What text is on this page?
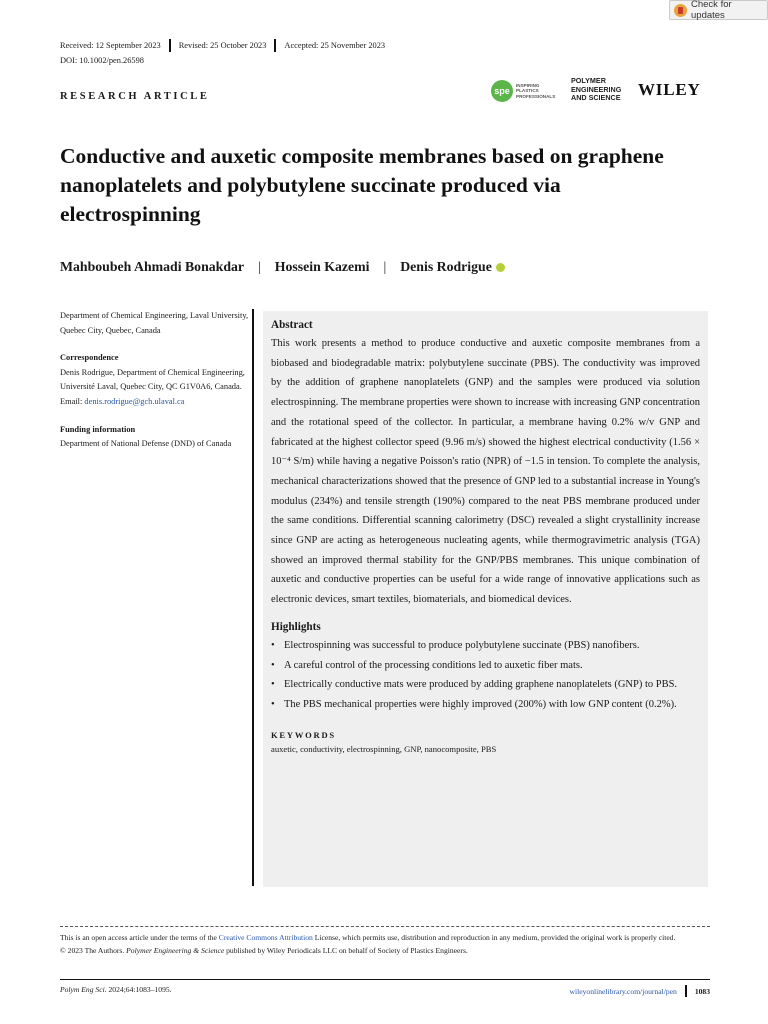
Check for updates
Received: 12 September 2023 Revised: 25 October 2023 Accepted: 25 November 2023
DOI: 10.1002/pen.26598
RESEARCH ARTICLE	spe
INSPIRING
PLASTICS
PROFESSIONALS
POLYMER
ENGINEERING
AND SCIENCE WILEY
Conductive and auxetic composite membranes based on graphene nanoplatelets and polybutylene succinate produced via electrospinning
Mahboubeh Ahmadi Bonakdar | Hossein Kazemi | Denis Rodrigue
Department of Chemical Engineering, Laval University, Quebec City, Quebec, Canada
Correspondence
Denis Rodrigue, Department of Chemical Engineering, Université Laval, Quebec City, QC G1V0A6, Canada.
Email: denis.rodrigue@gch.ulaval.ca
Funding information
Department of National Defense (DND) of Canada
Abstract
This work presents a method to produce conductive and auxetic composite membranes from a biobased and biodegradable matrix: polybutylene succinate (PBS). The conductivity was improved by the addition of graphene nanoplatelets (GNP) and the samples were produced via solution electrospinning. The membrane properties were shown to increase with increasing GNP concentration and the rotational speed of the collector. In particular, a membrane having 0.2% w/v GNP and fabricated at the highest collector speed (9.96 m/s) showed the highest electrical conductivity (1.56 × 10⁻⁴ S/m) while having a negative Poisson's ratio (NPR) of −1.5 in tension. To complete the analysis, mechanical characterizations showed that the presence of GNP led to a substantial increase in Young's modulus (234%) and tensile strength (190%) compared to the neat PBS membrane produced under the same conditions. Differential scanning calorimetry (DSC) revealed a slight crystallinity increase since GNP are acting as heterogeneous nucleating agents, while thermogravimetric analysis (TGA) showed an improved thermal stability for the GNP/PBS membranes. This unique combination of auxetic and conductive properties can be useful for a wide range of innovative applications such as electronic devices, smart textiles, biomaterials, and biomedical devices.
Highlights
• Electrospinning was successful to produce polybutylene succinate (PBS) nanofibers.
• A careful control of the processing conditions led to auxetic fiber mats.
• Electrically conductive mats were produced by adding graphene nanoplatelets (GNP) to PBS.
• The PBS mechanical properties were highly improved (200%) with low GNP content (0.2%).
KEYWORDS
auxetic, conductivity, electrospinning, GNP, nanocomposite, PBS
This is an open access article under the terms of the Creative Commons Attribution License, which permits use, distribution and reproduction in any medium, provided the original work is properly cited.
© 2023 The Authors. Polymer Engineering & Science published by Wiley Periodicals LLC on behalf of Society of Plastics Engineers.
Polym Eng Sci. 2024;64:1083–1095.	wileyonlinelibrary.com/journal/pen 1083
